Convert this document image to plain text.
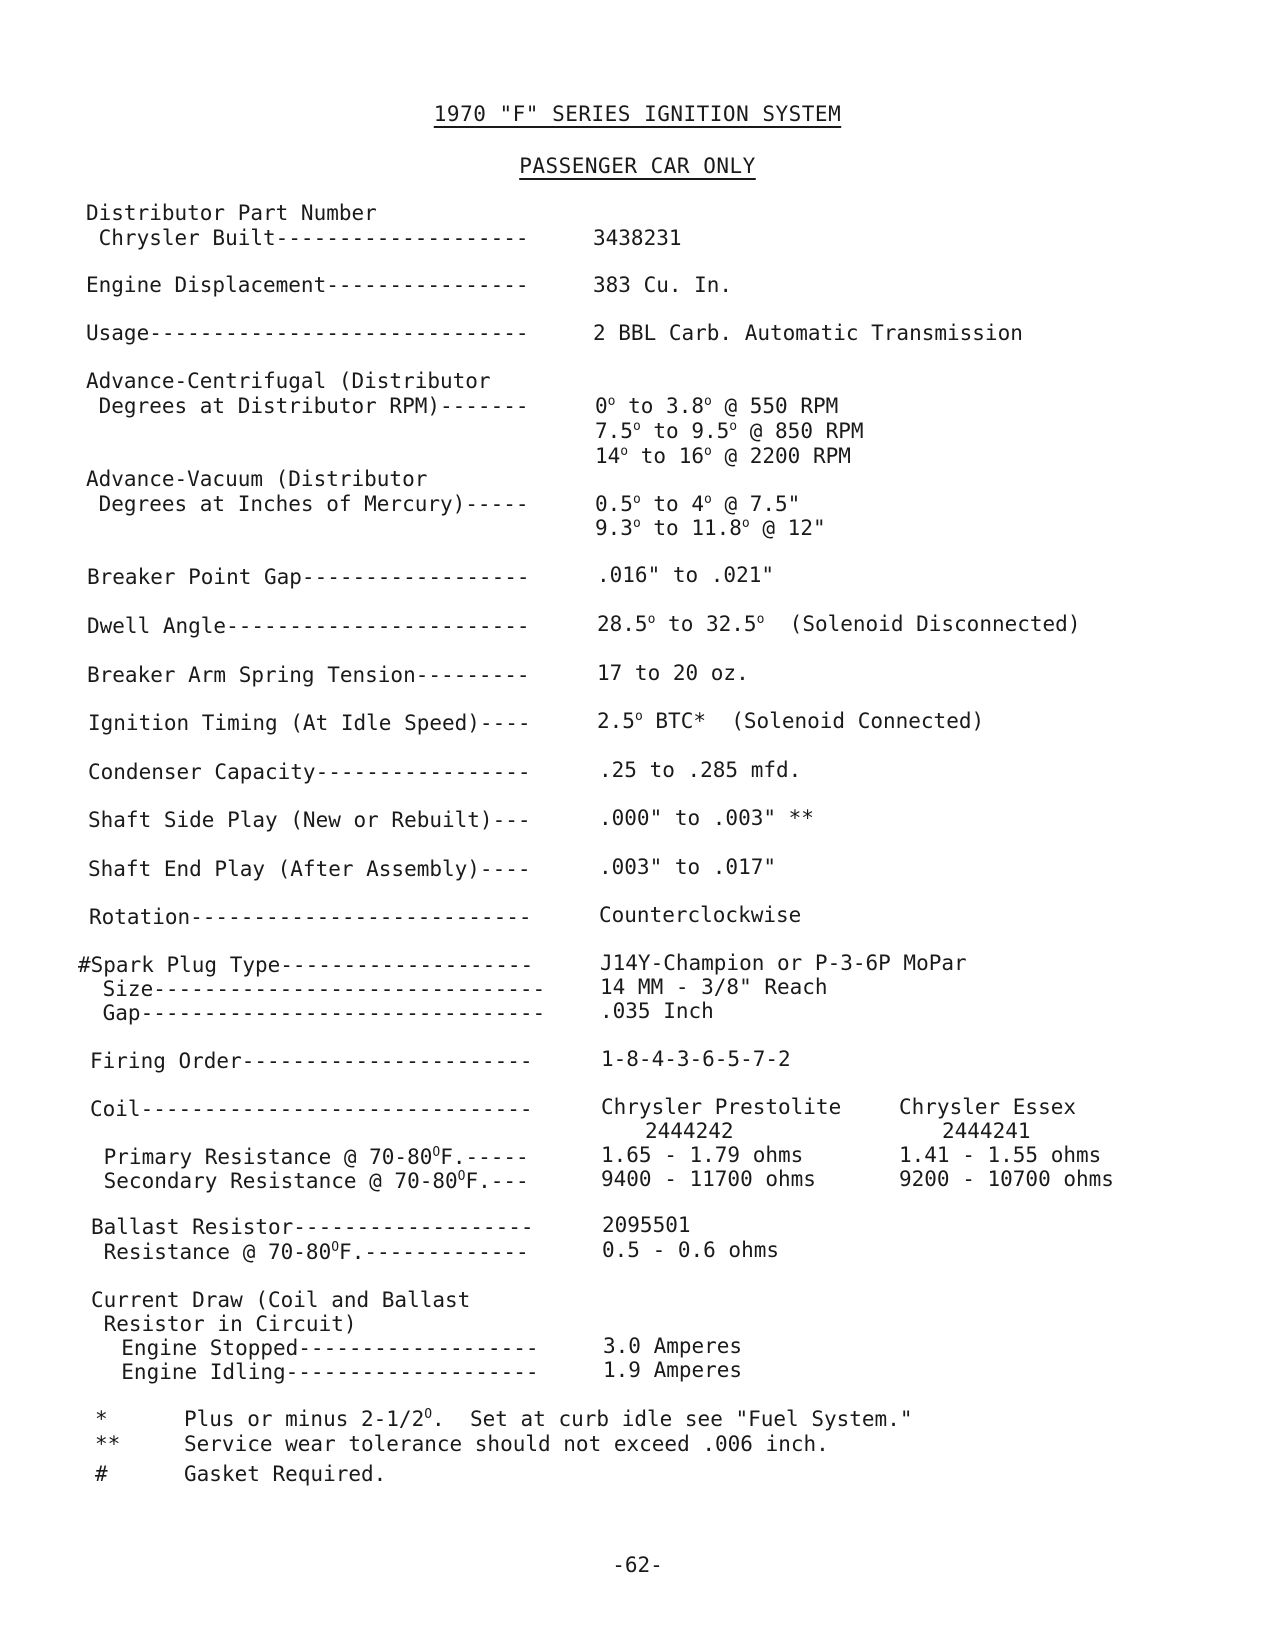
1970 "F" SERIES IGNITION SYSTEM
PASSENGER CAR ONLY
Distributor Part Number
Chrysler Built--------------------	3438231
Engine Displacement----------------	383 Cu. In.
Usage------------------------------	2 BBL Carb. Automatic Transmission
Advance-Centrifugal (Distributor
Degrees at Distributor RPM)-------	0$^o$ to 3.8$^o$ @ 550 RPM
7.5$^o$ to 9.5$^o$ @ 850 RPM
14$^o$ to 16$^o$ @ 2200 RPM
Advance-Vacuum (Distributor
Degrees at Inches of Mercury)-----	0.5$^o$ to 4$^o$ @ 7.5"
9.3$^o$ to 11.8$^o$ @ 12"
Breaker Point Gap------------------	.016" to .021"
Dwell Angle------------------------	28.5$^o$ to 32.5$^o$  (Solenoid Disconnected)
Breaker Arm Spring Tension---------	17 to 20 oz.
Ignition Timing (At Idle Speed)----	2.5$^o$ BTC*  (Solenoid Connected)
Condenser Capacity-----------------	.25 to .285 mfd.
Shaft Side Play (New or Rebuilt)---	.000" to .003" **
Shaft End Play (After Assembly)----	.003" to .017"
Rotation---------------------------	Counterclockwise
#Spark Plug Type--------------------	J14Y-Champion or P-3-6P MoPar
Size-------------------------------	14 MM - 3/8" Reach
Gap--------------------------------	.035 Inch
Firing Order-----------------------	1-8-4-3-6-5-7-2
Coil-------------------------------	Chrysler Prestolite	Chrysler Essex
2444242	2444241
Primary Resistance @ $70-80^OF.-----$	1.65 - 1.79 ohms	1.41 - 1.55 ohms
Secondary Resistance @ $70-80^OF.---$	9400 - 11700 ohms	9200 - 10700 ohms
Ballast Resistor-------------------	2095501
Resistance @ $70-80^OF.-------------$	0.5 - 0.6 ohms
Current Draw (Coil and Ballast
Resistor in Circuit)
Engine Stopped-------------------	3.0 Amperes
Engine Idling--------------------	1.9 Amperes
*	Plus or minus $2-1/2^O$.  Set at curb idle see "Fuel System."
**	Service wear tolerance should not exceed .006 inch.
#	Gasket Required.
-62-
